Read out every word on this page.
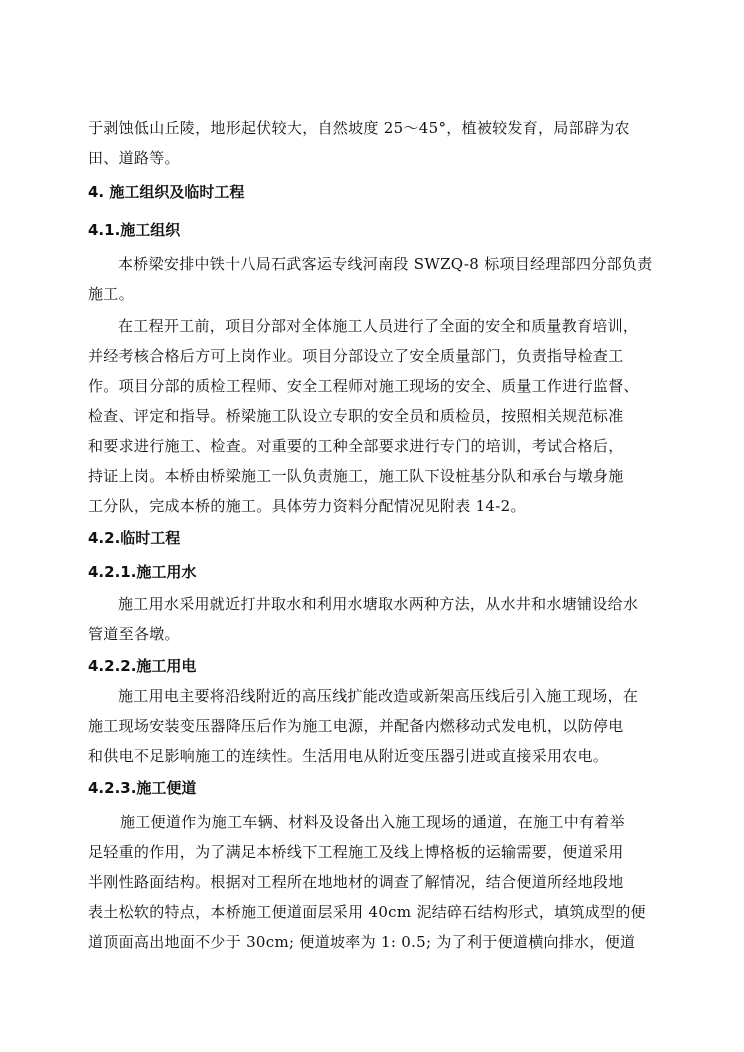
于剥蚀低山丘陵，地形起伏较大，自然坡度 25～45°，植被较发育，局部辟为农
田、道路等。
4. 施工组织及临时工程
4.1.施工组织
本桥梁安排中铁十八局石武客运专线河南段 SWZQ-8 标项目经理部四分部负责
施工。
在工程开工前，项目分部对全体施工人员进行了全面的安全和质量教育培训，
并经考核合格后方可上岗作业。项目分部设立了安全质量部门，负责指导检查工
作。项目分部的质检工程师、安全工程师对施工现场的安全、质量工作进行监督、
检查、评定和指导。桥梁施工队设立专职的安全员和质检员，按照相关规范标准
和要求进行施工、检查。对重要的工种全部要求进行专门的培训，考试合格后，
持证上岗。本桥由桥梁施工一队负责施工，施工队下设桩基分队和承台与墩身施
工分队，完成本桥的施工。具体劳力资料分配情况见附表 14-2。
4.2.临时工程
4.2.1.施工用水
施工用水采用就近打井取水和利用水塘取水两种方法，从水井和水塘铺设给水
管道至各墩。
4.2.2.施工用电
施工用电主要将沿线附近的高压线扩能改造或新架高压线后引入施工现场，在
施工现场安装变压器降压后作为施工电源，并配备内燃移动式发电机，以防停电
和供电不足影响施工的连续性。生活用电从附近变压器引进或直接采用农电。
4.2.3.施工便道
施工便道作为施工车辆、材料及设备出入施工现场的通道，在施工中有着举
足轻重的作用，为了满足本桥线下工程施工及线上博格板的运输需要，便道采用
半刚性路面结构。根据对工程所在地地材的调查了解情况，结合便道所经地段地
表土松软的特点，本桥施工便道面层采用 40cm 泥结碎石结构形式，填筑成型的便
道顶面高出地面不少于 30cm; 便道坡率为 1: 0.5; 为了利于便道横向排水，便道
